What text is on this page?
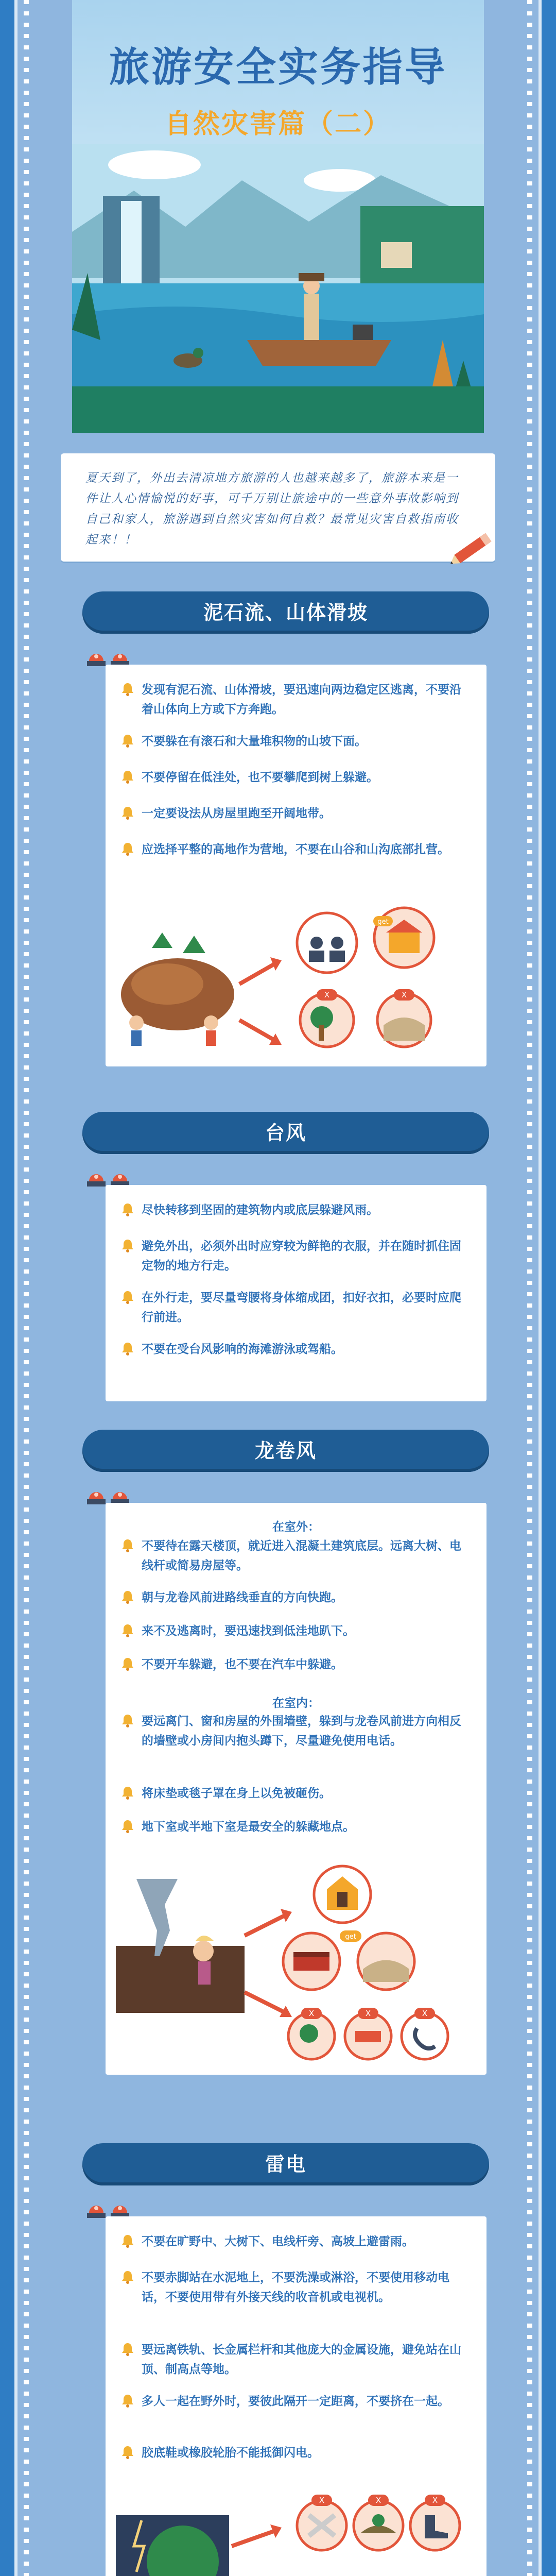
旅游安全实务指导
自然灾害篇（二）
夏天到了，外出去清凉地方旅游的人也越来越多了，旅游本来是一件让人心情愉悦的好事，可千万别让旅途中的一些意外事故影响到自己和家人，旅游遇到自然灾害如何自救？最常见灾害自救指南收起来！！
泥石流、山体滑坡
发现有泥石流、山体滑坡，要迅速向两边稳定区逃离，不要沿着山体向上方或下方奔跑。
不要躲在有滚石和大量堆积物的山坡下面。
不要停留在低洼处，也不要攀爬到树上躲避。
一定要设法从房屋里跑至开阔地带。
应选择平整的高地作为营地，不要在山谷和山沟底部扎营。
get
X	X
台风
尽快转移到坚固的建筑物内或底层躲避风雨。
避免外出，必须外出时应穿较为鲜艳的衣服，并在随时抓住固定物的地方行走。
在外行走，要尽量弯腰将身体缩成团，扣好衣扣，必要时应爬行前进。
不要在受台风影响的海滩游泳或驾船。
龙卷风
在室外：
不要待在露天楼顶，就近进入混凝土建筑底层。远离大树、电线杆或简易房屋等。
朝与龙卷风前进路线垂直的方向快跑。
来不及逃离时，要迅速找到低洼地趴下。
不要开车躲避，也不要在汽车中躲避。
在室内：
要远离门、窗和房屋的外围墙壁，躲到与龙卷风前进方向相反的墙壁或小房间内抱头蹲下，尽量避免使用电话。
将床垫或毯子罩在身上以免被砸伤。
地下室或半地下室是最安全的躲藏地点。
get
X	X	X
雷电
不要在旷野中、大树下、电线杆旁、高坡上避雷雨。
不要赤脚站在水泥地上，不要洗澡或淋浴，不要使用移动电话，不要使用带有外接天线的收音机或电视机。
要远离铁轨、长金属栏杆和其他庞大的金属设施，避免站在山顶、制高点等地。
多人一起在野外时，要彼此隔开一定距离，不要挤在一起。
胶底鞋或橡胶轮胎不能抵御闪电。
X	X	X
